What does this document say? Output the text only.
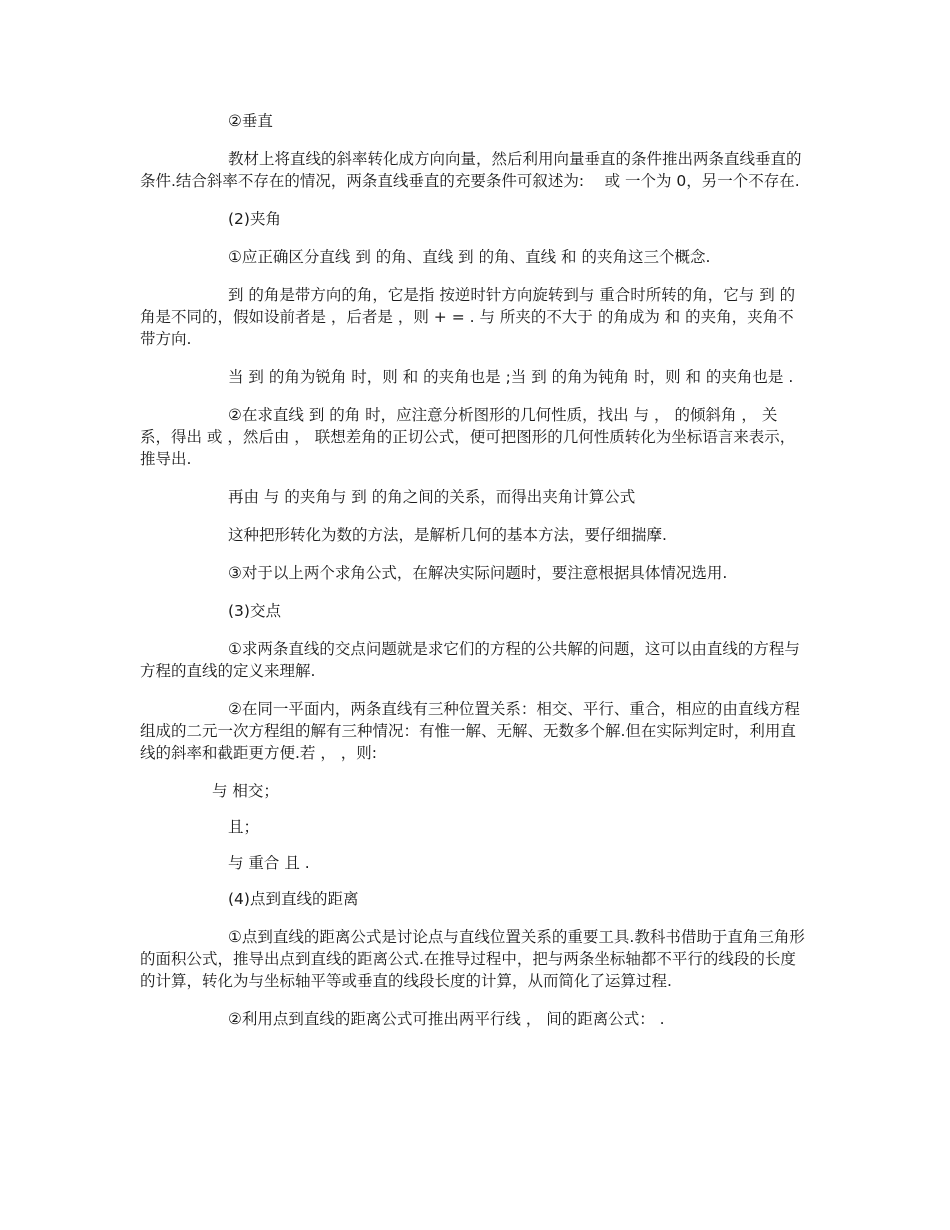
②垂直

教材上将直线的斜率转化成方向向量，然后利用向量垂直的条件推出两条直线垂直的条件.结合斜率不存在的情况，两条直线垂直的充要条件可叙述为:　 或 一个为 0，另一个不存在.

(2)夹角

①应正确区分直线 到 的角、直线 到 的角、直线 和 的夹角这三个概念.

到 的角是带方向的角，它是指 按逆时针方向旋转到与 重合时所转的角，它与 到 的角是不同的，假如设前者是 ，后者是 ，则 + = . 与 所夹的不大于 的角成为 和 的夹角，夹角不带方向.

当 到 的角为锐角 时，则 和 的夹角也是 ;当 到 的角为钝角 时，则 和 的夹角也是 .

②在求直线 到 的角 时，应注意分析图形的几何性质，找出 与 ， 的倾斜角 ， 关系，得出 或 ，然后由 ， 联想差角的正切公式，便可把图形的几何性质转化为坐标语言来表示，推导出.

再由 与 的夹角与 到 的角之间的关系，而得出夹角计算公式

这种把形转化为数的方法，是解析几何的基本方法，要仔细揣摩.

③对于以上两个求角公式，在解决实际问题时，要注意根据具体情况选用.

(3)交点

①求两条直线的交点问题就是求它们的方程的公共解的问题，这可以由直线的方程与方程的直线的定义来理解.

②在同一平面内，两条直线有三种位置关系：相交、平行、重合，相应的由直线方程组成的二元一次方程组的解有三种情况：有惟一解、无解、无数多个解.但在实际判定时，利用直线的斜率和截距更方便.若 ， ，则:

与 相交；

且；

与 重合 且 .

(4)点到直线的距离

①点到直线的距离公式是讨论点与直线位置关系的重要工具.教科书借助于直角三角形的面积公式，推导出点到直线的距离公式.在推导过程中，把与两条坐标轴都不平行的线段的长度的计算，转化为与坐标轴平等或垂直的线段长度的计算，从而简化了运算过程.

②利用点到直线的距离公式可推出两平行线 ， 间的距离公式： .
